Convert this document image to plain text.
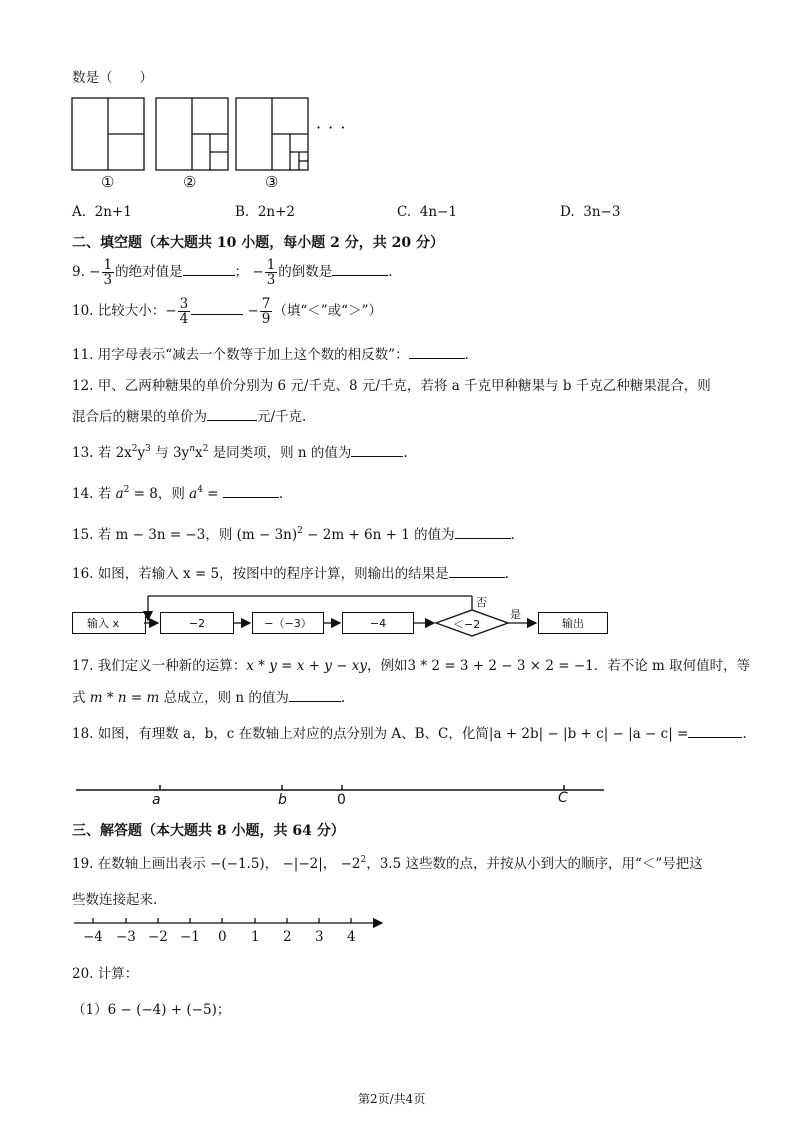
数是（　　）
· · ·
①	②	③
A. 2n+1	B. 2n+2	C. 4n−1	D. 3n−3
二、填空题（本大题共 10 小题，每小题 2 分，共 20 分）
9. − $\frac{1}{3}$ 的绝对值是	； − $\frac{1}{3}$ 的倒数是	.
10. 比较大小：− $\frac{3}{4}$	− $\frac{7}{9}$ （填“＜”或“＞”）
11. 用字母表示“减去一个数等于加上这个数的相反数”：	.
12. 甲、乙两种糖果的单价分别为 6 元/千克、8 元/千克，若将 a 千克甲种糖果与 b 千克乙种糖果混合，则
混合后的糖果的单价为	元/千克.
13. 若 $2x^2y^3$ 与 $3y^nx^2$ 是同类项，则 n 的值为	.
14. 若 $a^2 = 8$，则 $a^4$ =	.
15. 若 m − 3n = −3，则 $(m - 3n)^2 - 2m + 6n + 1$ 的值为	.
16. 如图，若输入 x = 5，按图中的程序计算，则输出的结果是	.
输入 x	−2	−（−3）	−4	＜−2
否
是
输出
17. 我们定义一种新的运算：x * y = x + y − xy，例如3 * 2 = 3 + 2 − 3 × 2 = −1．若不论 m 取何值时，等
式 m * n = m 总成立，则 n 的值为	.
18. 如图，有理数 a，b，c 在数轴上对应的点分别为 A、B、C，化简|a + 2b| − |b + c| − |a − c| =	.
a	b	0	C
三、解答题（本大题共 8 小题，共 64 分）
19. 在数轴上画出表示 −(−1.5)， −|−2|， $-2^2$，3.5 这些数的点，并按从小到大的顺序，用“＜”号把这
些数连接起来.
−4 −3 −2 −1 0 1 2 3 4
20. 计算：
（1）6 − (−4) + (−5)；
第2页/共4页
